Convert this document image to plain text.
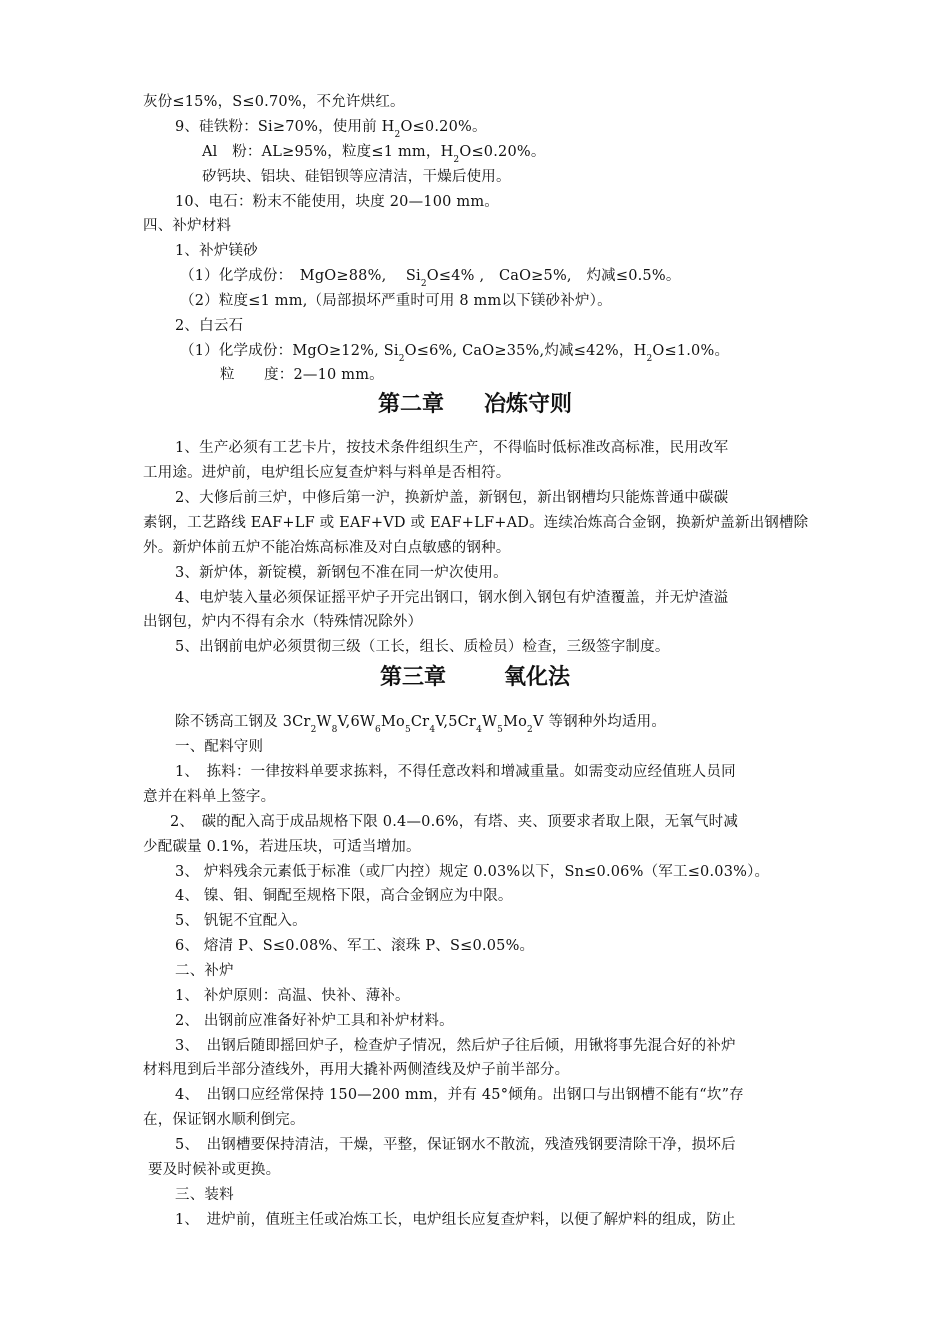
灰份≤15%，S≤0.70%，不允许烘红。
9、硅铁粉：Si≥70%，使用前 $H_2O\le 0.20\%$。
Al　粉：AL≥95%，粒度≤1 mm，$H_2O\le 0.20\%$。
矽钙块、铝块、硅铝钡等应清洁，干燥后使用。
10、电石：粉末不能使用，块度 20—100 mm。
四、补炉材料
1、补炉镁砂
（1）化学成份：　MgO≥88%,　 $Si_2O\le 4\%$ ,　CaO≥5%,　灼减≤0.5%。
（2）粒度≤1 mm,（局部损坏严重时可用 8 mm以下镁砂补炉）。
2、白云石
（1）化学成份：MgO≥12%, $Si_2O\le 6\%$, CaO≥35%,灼减≤42%，$H_2O\le 1.0\%$。
粒　　度：2—10 mm。
第二章 冶炼守则
1、生产必须有工艺卡片，按技术条件组织生产，不得临时低标准改高标准，民用改军
工用途。进炉前，电炉组长应复查炉料与料单是否相符。
2、大修后前三炉，中修后第一沪，换新炉盖，新钢包，新出钢槽均只能炼普通中碳碳
素钢，工艺路线 EAF+LF 或 EAF+VD 或 EAF+LF+AD。连续冶炼高合金钢，换新炉盖新出钢槽除
外。新炉体前五炉不能冶炼高标准及对白点敏感的钢种。
3、新炉体，新锭模，新钢包不准在同一炉次使用。
4、电炉装入量必须保证摇平炉子开完出钢口，钢水倒入钢包有炉渣覆盖，并无炉渣溢
出钢包，炉内不得有余水（特殊情况除外）
5、出钢前电炉必须贯彻三级（工长，组长、质检员）检查，三级签字制度。
第三章	氧化法
除不锈高工钢及 $3Cr_2W_8V,6W_6Mo_5Cr_4V,5Cr_4W_5Mo_2V$ 等钢种外均适用。
一、配料守则
1、　拣料：一律按料单要求拣料，不得任意改料和增减重量。如需变动应经值班人员同
意并在料单上签字。
2、　碳的配入高于成品规格下限 0.4—0.6%，有塔、夹、顶要求者取上限，无氧气时减
少配碳量 0.1%，若进压块，可适当增加。
3、 炉料残余元素低于标准（或厂内控）规定 0.03%以下，Sn≤0.06%（军工≤0.03%）。
4、 镍、钼、铜配至规格下限，高合金钢应为中限。
5、 钒铌不宜配入。
6、 熔清 P、S≤0.08%、军工、滚珠 P、S≤0.05%。
二、补炉
1、 补炉原则：高温、快补、薄补。
2、 出钢前应准备好补炉工具和补炉材料。
3、　出钢后随即摇回炉子，检查炉子情况，然后炉子往后倾，用锹将事先混合好的补炉
材料甩到后半部分渣线外，再用大撬补两侧渣线及炉子前半部分。
4、　出钢口应经常保持 150—200 mm，并有 45°倾角。出钢口与出钢槽不能有“坎”存
在，保证钢水顺利倒完。
5、　出钢槽要保持清洁，干燥，平整，保证钢水不散流，残渣残钢要清除干净，损坏后
要及时候补或更换。
三、装料
1、　进炉前，值班主任或冶炼工长，电炉组长应复查炉料，以便了解炉料的组成，防止
